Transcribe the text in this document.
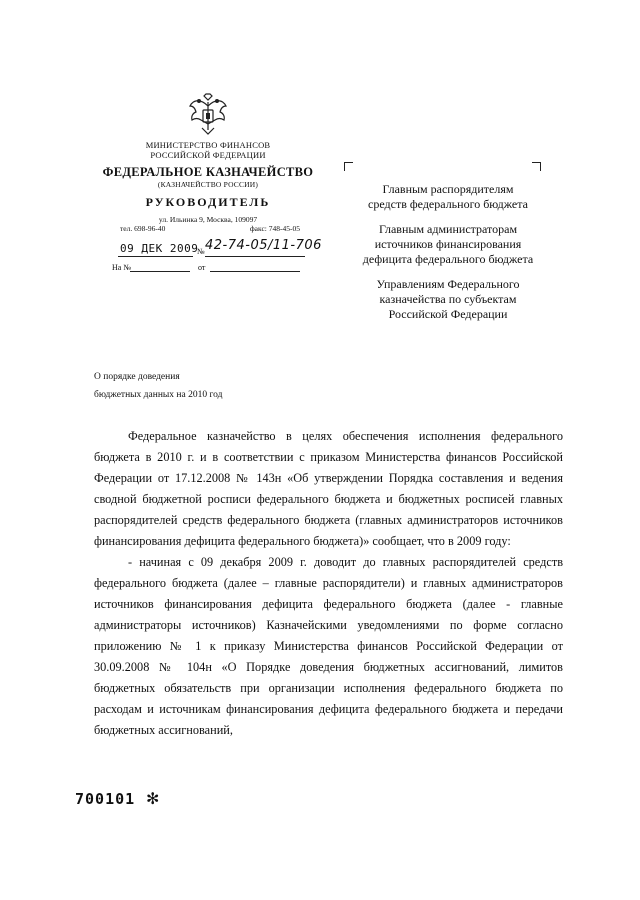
МИНИСТЕРСТВО ФИНАНСОВ
РОССИЙСКОЙ ФЕДЕРАЦИИ
ФЕДЕРАЛЬНОЕ КАЗНАЧЕЙСТВО
(КАЗНАЧЕЙСТВО РОССИИ)
РУКОВОДИТЕЛЬ
ул. Ильинка 9, Москва, 109097
тел. 698-96-40	факс: 748-45-05
09 ДЕК 2009
№ 42-74-05/11-706
На №	от
Главным распорядителям
средств федерального бюджета
Главным администраторам
источников финансирования
дефицита федерального бюджета
Управлениям Федерального
казначейства по субъектам
Российской Федерации
О порядке доведения
бюджетных данных на 2010 год

Федеральное казначейство в целях обеспечения исполнения федерального бюджета в 2010 г. и в соответствии с приказом Министерства финансов Российской Федерации от 17.12.2008 № 143н «Об утверждении Порядка составления и ведения сводной бюджетной росписи федерального бюджета и бюджетных росписей главных распорядителей средств федерального бюджета (главных администраторов источников финансирования дефицита федерального бюджета)» сообщает, что в 2009 году:

- начиная с 09 декабря 2009 г. доводит до главных распорядителей средств федерального бюджета (далее – главные распорядители) и главных администраторов источников финансирования дефицита федерального бюджета (далее - главные администраторы источников) Казначейскими уведомлениями по форме согласно приложению № 1 к приказу Министерства финансов Российской Федерации от 30.09.2008 № 104н «О Порядке доведения бюджетных ассигнований, лимитов бюджетных обязательств при организации исполнения федерального бюджета по расходам и источникам финансирования дефицита федерального бюджета и передачи бюджетных ассигнований,

700101 ✻
